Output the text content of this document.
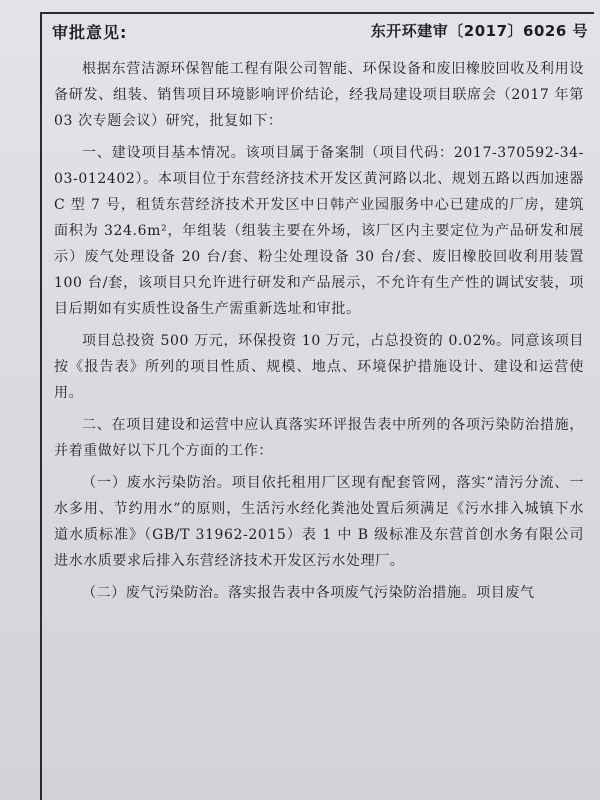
审批意见:	东开环建审〔2017〕6026 号

根据东营洁源环保智能工程有限公司智能、环保设备和废旧橡胶回收及利用设备研发、组装、销售项目环境影响评价结论，经我局建设项目联席会（2017 年第 03 次专题会议）研究，批复如下：

一、建设项目基本情况。该项目属于备案制（项目代码：2017-370592-34-03-012402）。本项目位于东营经济技术开发区黄河路以北、规划五路以西加速器 C 型 7 号，租赁东营经济技术开发区中日韩产业园服务中心已建成的厂房，建筑面积为 324.6m²，年组装（组装主要在外场，该厂区内主要定位为产品研发和展示）废气处理设备 20 台/套、粉尘处理设备 30 台/套、废旧橡胶回收利用装置 100 台/套，该项目只允许进行研发和产品展示，不允许有生产性的调试安装，项目后期如有实质性设备生产需重新选址和审批。

项目总投资 500 万元，环保投资 10 万元，占总投资的 0.02%。同意该项目按《报告表》所列的项目性质、规模、地点、环境保护措施设计、建设和运营使用。

二、在项目建设和运营中应认真落实环评报告表中所列的各项污染防治措施，并着重做好以下几个方面的工作：

（一）废水污染防治。项目依托租用厂区现有配套管网，落实“清污分流、一水多用、节约用水”的原则，生活污水经化粪池处置后须满足《污水排入城镇下水道水质标准》（GB/T 31962-2015）表 1 中 B 级标准及东营首创水务有限公司进水水质要求后排入东营经济技术开发区污水处理厂。

（二）废气污染防治。落实报告表中各项废气污染防治措施。项目废气
